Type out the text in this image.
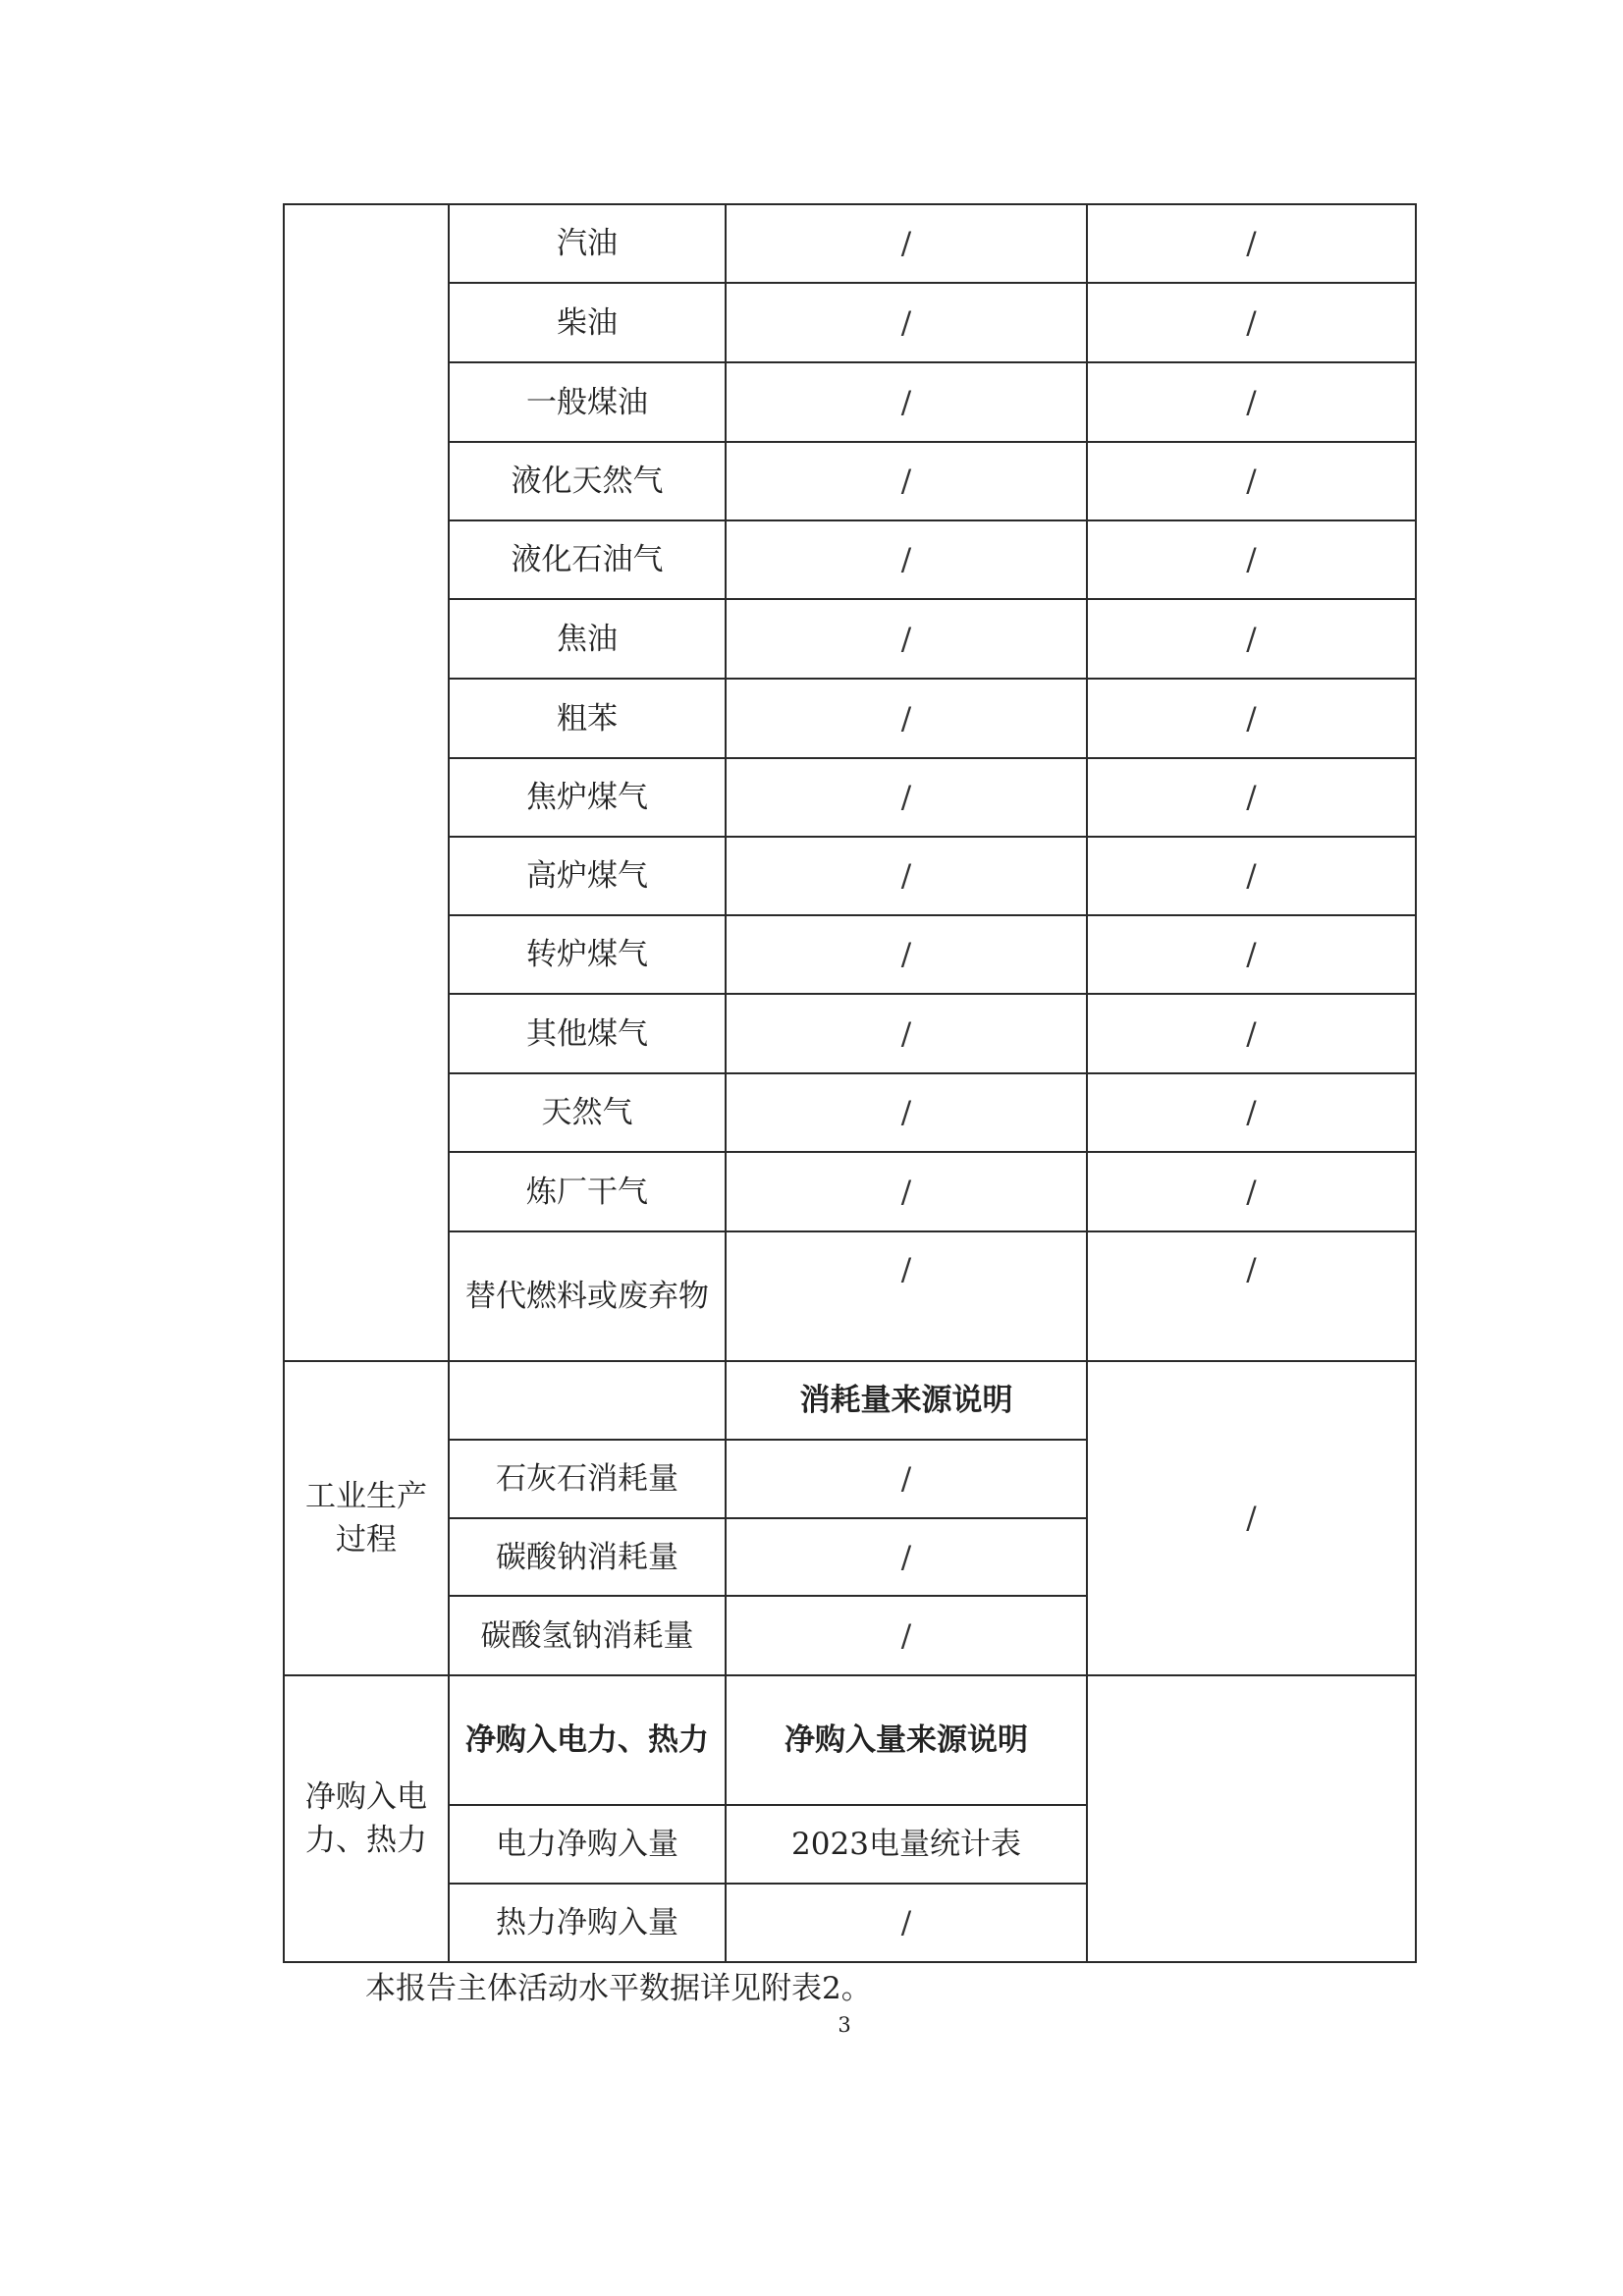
	汽油	/	/
	柴油	/	/
	一般煤油	/	/
	液化天然气	/	/
	液化石油气	/	/
	焦油	/	/
	粗苯	/	/
	焦炉煤气	/	/
	高炉煤气	/	/
	转炉煤气	/	/
	其他煤气	/	/
	天然气	/	/
	炼厂干气	/	/
	替代燃料或废弃物	/	/
工业生产过程		消耗量来源说明	/
	石灰石消耗量	/	
	碳酸钠消耗量	/	
	碳酸氢钠消耗量	/	
净购入电力、热力	净购入电力、热力	净购入量来源说明	
	电力净购入量	2023电量统计表	
	热力净购入量	/	
本报告主体活动水平数据详见附表2。
3
